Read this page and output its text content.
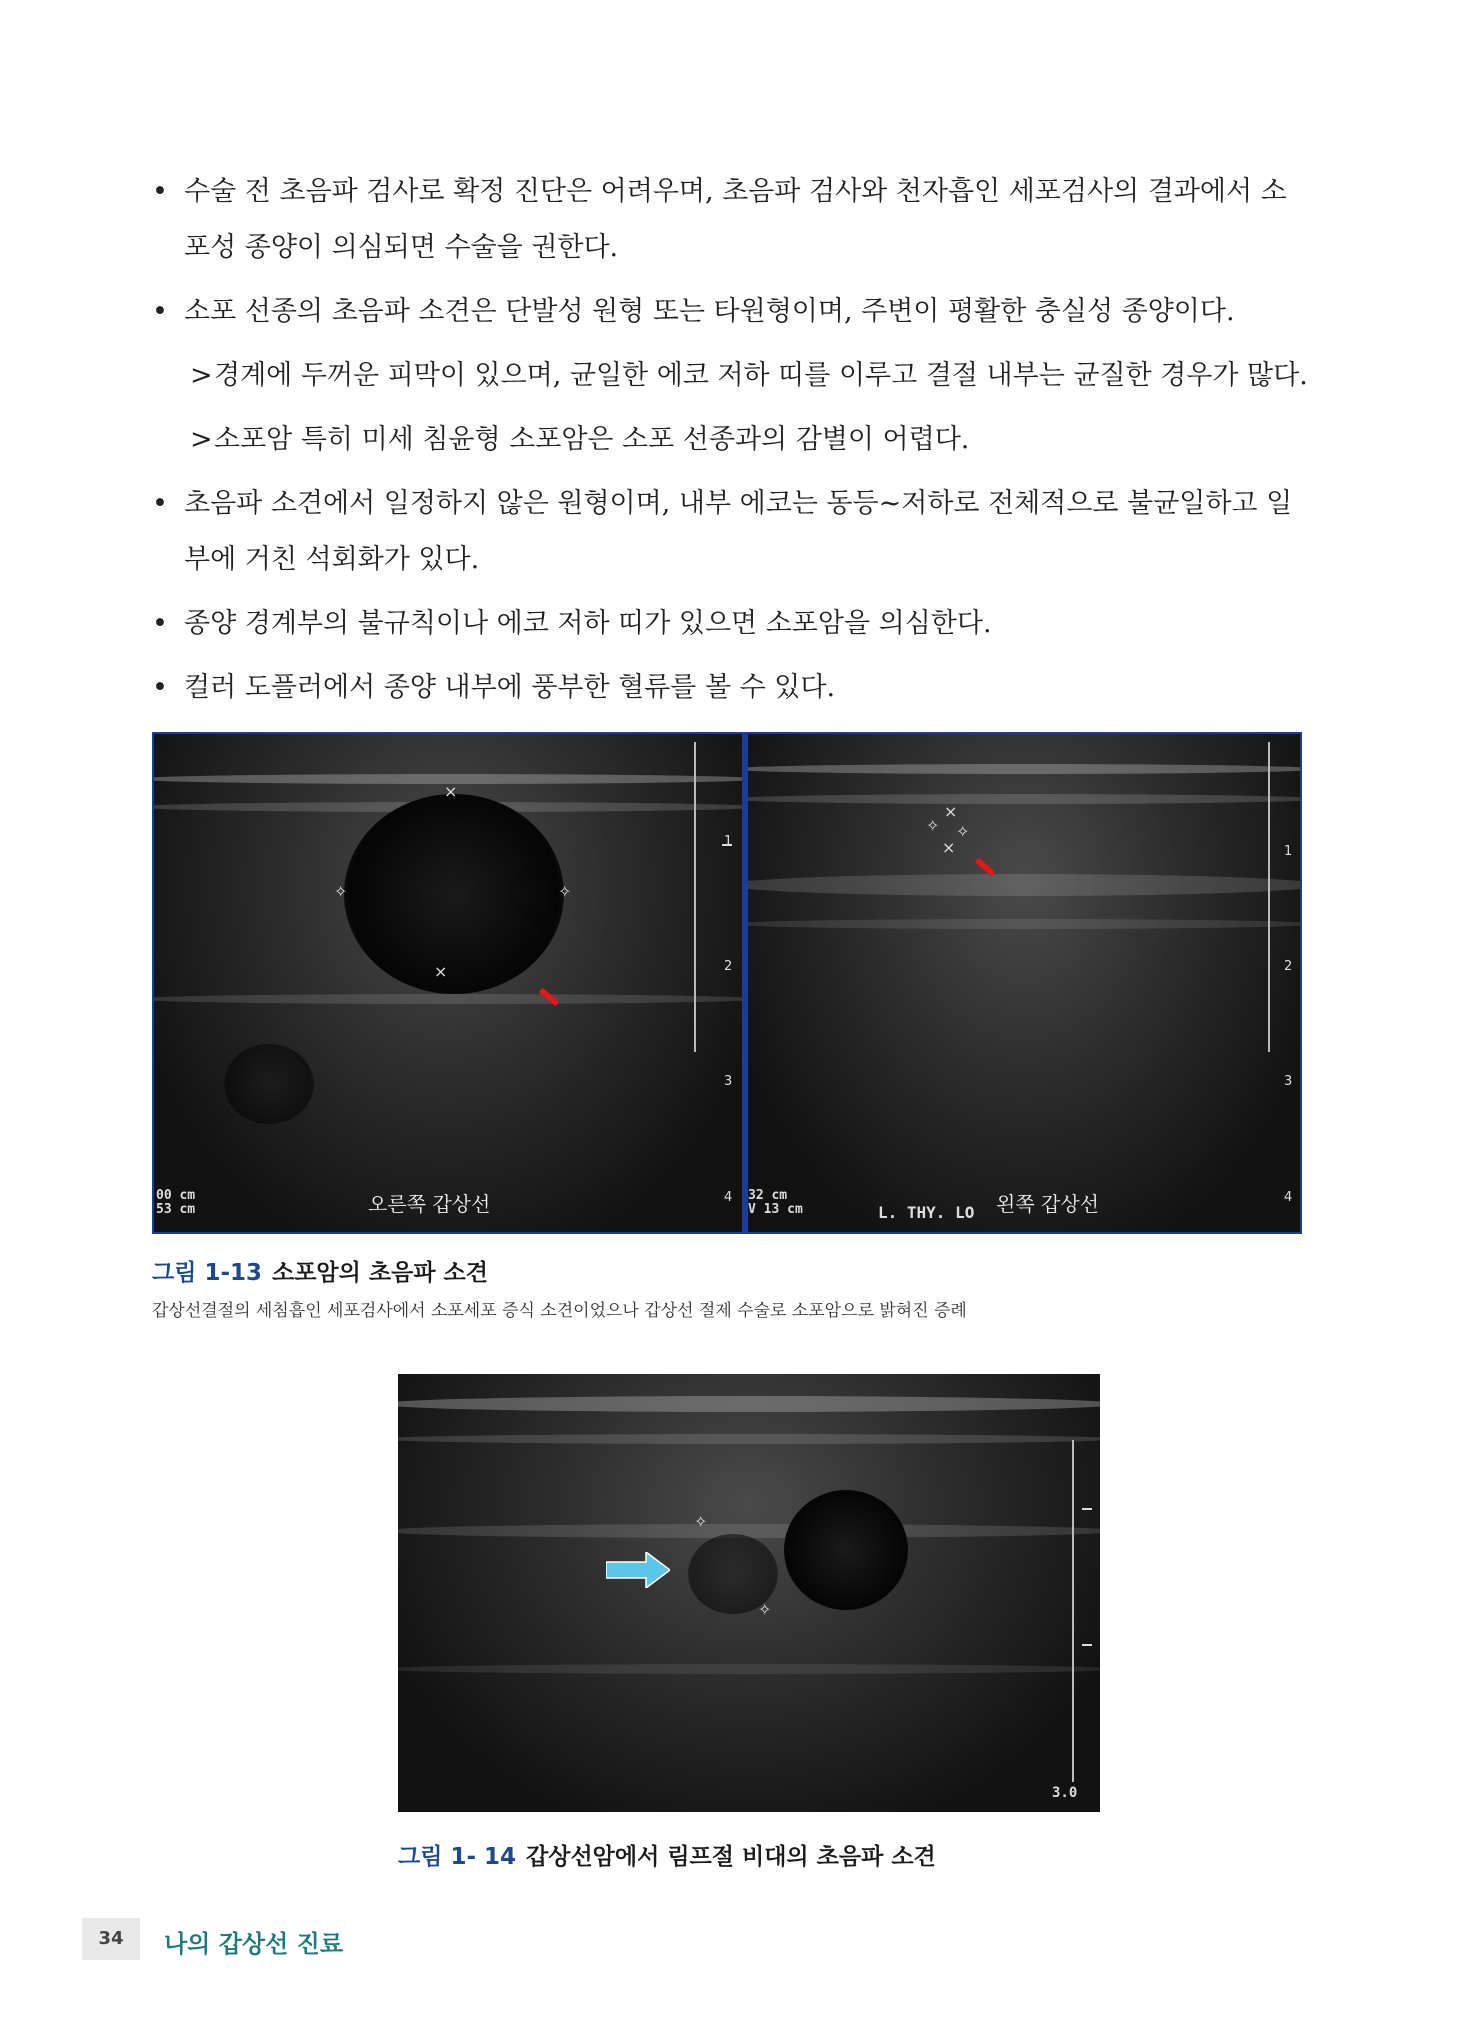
• 수술 전 초음파 검사로 확정 진단은 어려우며, 초음파 검사와 천자흡인 세포검사의 결과에서 소
포성 종양이 의심되면 수술을 권한다.
• 소포 선종의 초음파 소견은 단발성 원형 또는 타원형이며, 주변이 평활한 충실성 종양이다.
> 경계에 두꺼운 피막이 있으며, 균일한 에코 저하 띠를 이루고 결절 내부는 균질한 경우가 많다.
> 소포암 특히 미세 침윤형 소포암은 소포 선종과의 감별이 어렵다.
• 초음파 소견에서 일정하지 않은 원형이며, 내부 에코는 동등~저하로 전체적으로 불균일하고 일
부에 거친 석회화가 있다.
• 종양 경계부의 불규칙이나 에코 저하 띠가 있으면 소포암을 의심한다.
• 컬러 도플러에서 종양 내부에 풍부한 혈류를 볼 수 있다.
×
✧	✧
×
1
2
3
4
00 cm
53 cm	오른쪽 갑상선
✧
×
✧
×	1
2
3
4
32 cm
V 13 cm	L. THY. LO 왼쪽 갑상선
그림 1-13 소포암의 초음파 소견
갑상선결절의 세침흡인 세포검사에서 소포세포 증식 소견이었으나 갑상선 절제 수술로 소포암으로 밝혀진 증례
✧
✧
3.0
그림 1- 14 갑상선암에서 림프절 비대의 초음파 소견
34	나의 갑상선 진료
